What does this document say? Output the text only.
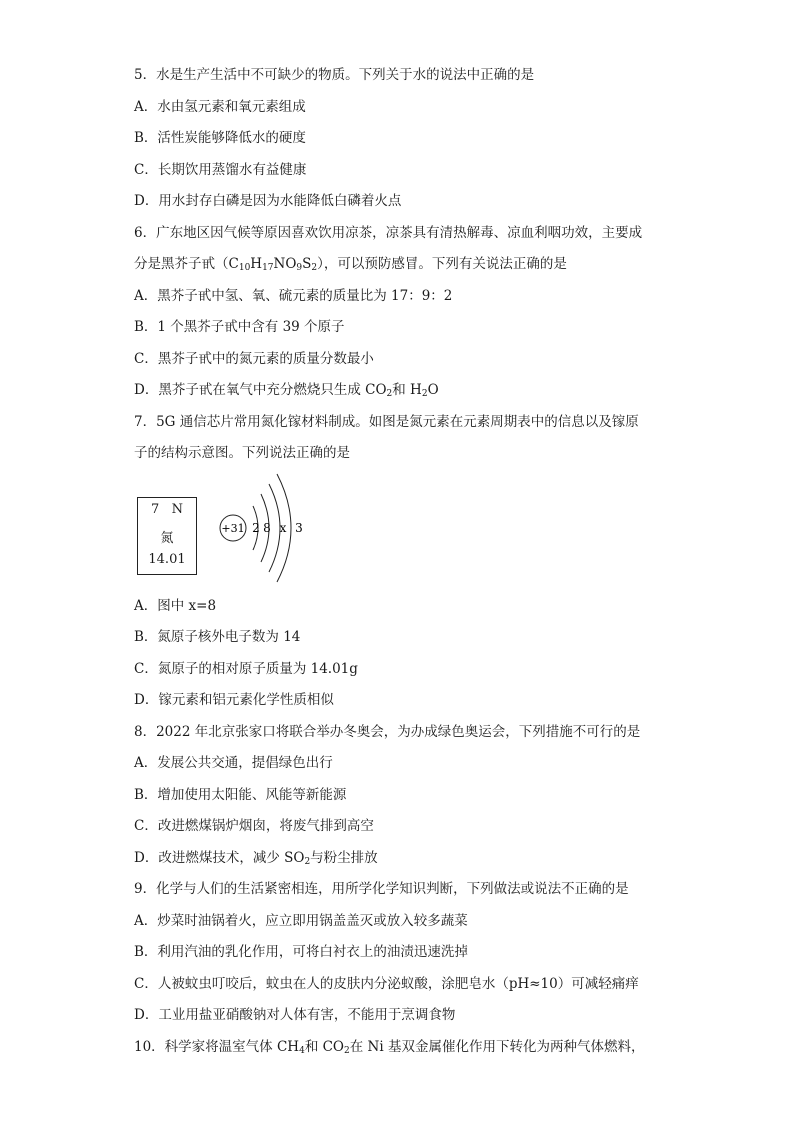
5．水是生产生活中不可缺少的物质。下列关于水的说法中正确的是
A．水由氢元素和氧元素组成
B．活性炭能够降低水的硬度
C．长期饮用蒸馏水有益健康
D．用水封存白磷是因为水能降低白磷着火点
6．广东地区因气候等原因喜欢饮用凉茶，凉茶具有清热解毒、凉血利咽功效，主要成
分是黑芥子甙$(C_{10}H_{17}NO_9S_2)$，可以预防感冒。下列有关说法正确的是
A．黑芥子甙中氢、氧、硫元素的质量比为 17：9：2
B．1 个黑芥子甙中含有 39 个原子
C．黑芥子甙中的氮元素的质量分数最小
D．黑芥子甙在氧气中充分燃烧只生成 $CO_2$和 $H_2O$
7．5G 通信芯片常用氮化镓材料制成。如图是氮元素在元素周期表中的信息以及镓原
子的结构示意图。下列说法正确的是
7 N
氮
14.01
+31 2 8 x 3
A．图中 x=8
B．氮原子核外电子数为 14
C．氮原子的相对原子质量为 14.01g
D．镓元素和铝元素化学性质相似
8．2022 年北京张家口将联合举办冬奥会，为办成绿色奥运会，下列措施不可行的是
A．发展公共交通，提倡绿色出行
B．增加使用太阳能、风能等新能源
C．改进燃煤锅炉烟囱，将废气排到高空
D．改进燃煤技术，减少 $SO_2$与粉尘排放
9．化学与人们的生活紧密相连，用所学化学知识判断，下列做法或说法不正确的是
A．炒菜时油锅着火，应立即用锅盖盖灭或放入较多蔬菜
B．利用汽油的乳化作用，可将白衬衣上的油渍迅速洗掉
C．人被蚊虫叮咬后，蚊虫在人的皮肤内分泌蚁酸，涂肥皂水（pH≈10）可减轻痛痒
D．工业用盐亚硝酸钠对人体有害，不能用于烹调食物
10．科学家将温室气体 $CH_4$和 $CO_2$在 Ni 基双金属催化作用下转化为两种气体燃料，
